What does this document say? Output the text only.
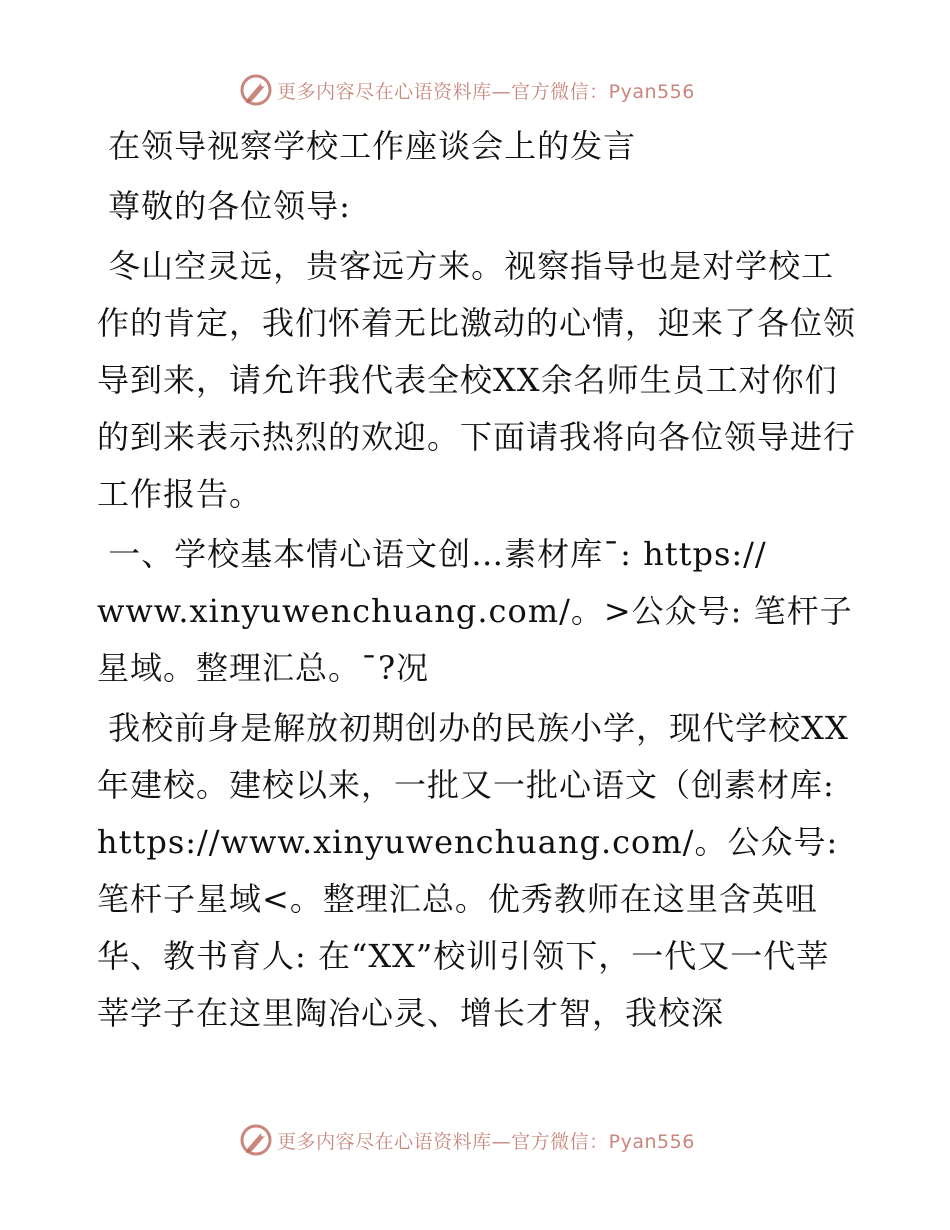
更多内容尽在心语资料库—官方微信：Pyan556

在领导视察学校工作座谈会上的发言

尊敬的各位领导:

冬山空灵远，贵客远方来。视察指导也是对学校工作的肯定，我们怀着无比激动的心情，迎来了各位领导到来，请允许我代表全校XX余名师生员工对你们的到来表示热烈的欢迎。下面请我将向各位领导进行工作报告。

一、学校基本情心语文创…素材库¯: https://
www.xinyuwenchuang.com/。>公众号: 笔杆子星域。整理汇总。¯?况

我校前身是解放初期创办的民族小学，现代学校XX年建校。建校以来，一批又一批心语文（创素材库: https://www.xinyuwenchuang.com/。公众号: 笔杆子星域<。整理汇总。优秀教师在这里含英咀华、教书育人: 在“XX”校训引领下，一代又一代莘莘学子在这里陶冶心灵、增长才智，我校深

更多内容尽在心语资料库—官方微信：Pyan556
